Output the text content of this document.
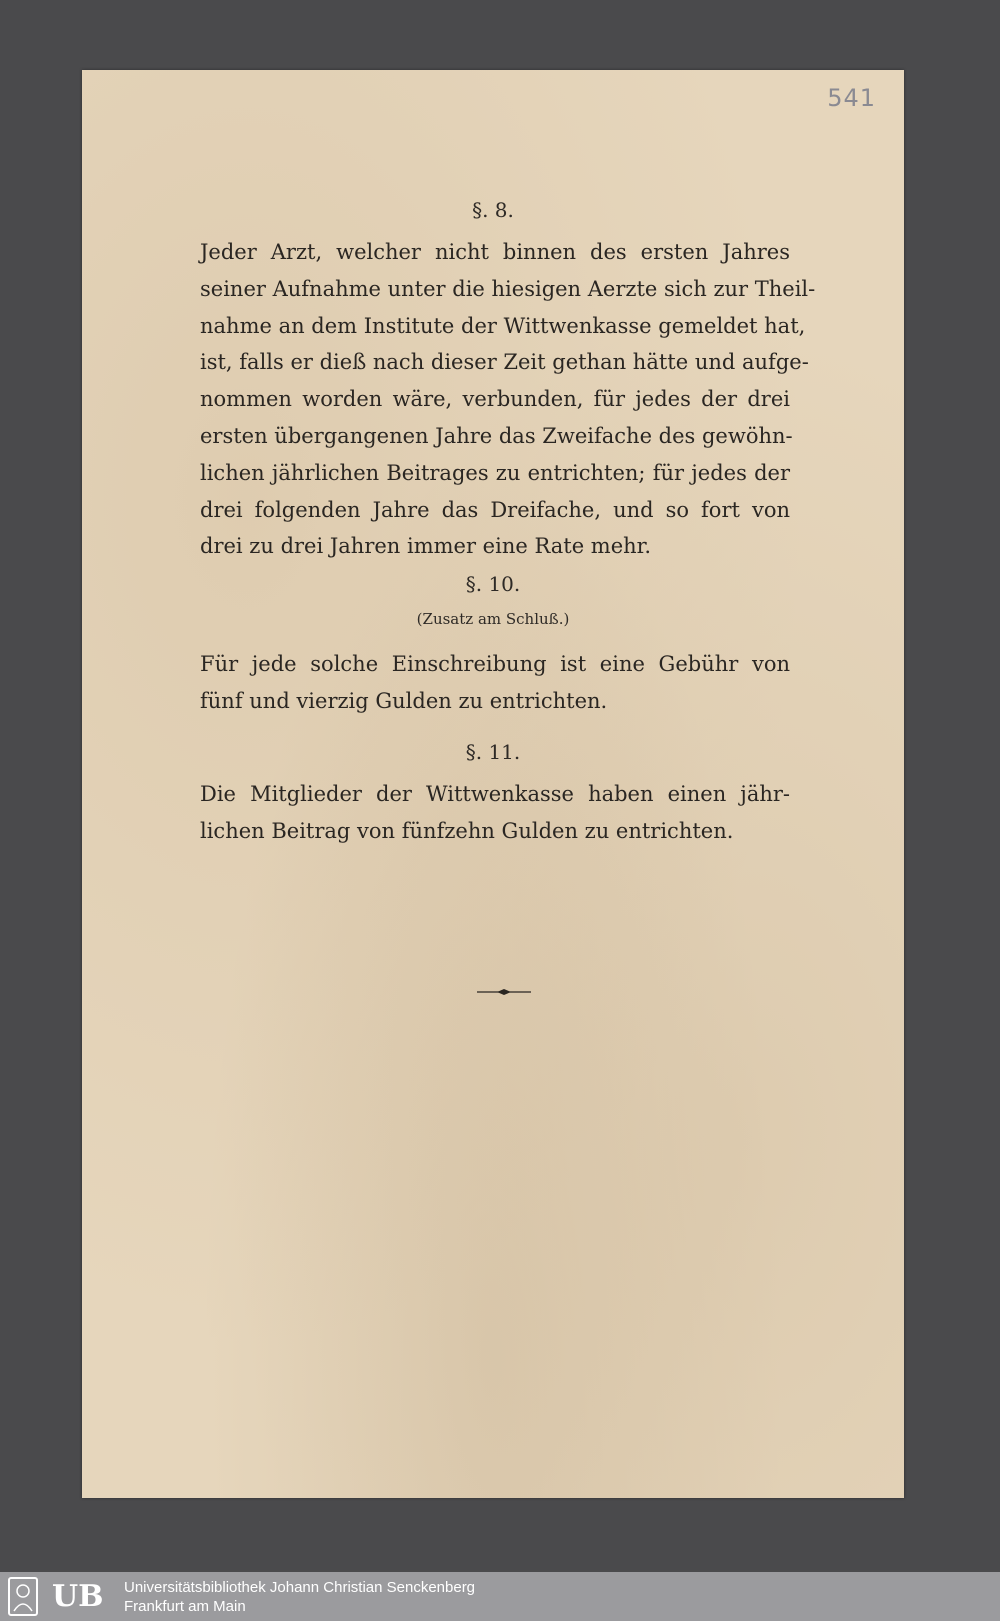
541
§. 8.
Jeder Arzt, welcher nicht binnen des ersten Jahres
seiner Aufnahme unter die hiesigen Aerzte sich zur Theil-
nahme an dem Institute der Wittwenkasse gemeldet hat,
ist, falls er dieß nach dieser Zeit gethan hätte und aufge-
nommen worden wäre, verbunden, für jedes der drei
ersten übergangenen Jahre das Zweifache des gewöhn-
lichen jährlichen Beitrages zu entrichten; für jedes der
drei folgenden Jahre das Dreifache, und so fort von
drei zu drei Jahren immer eine Rate mehr.
§. 10.
(Zusatz am Schluß.)
Für jede solche Einschreibung ist eine Gebühr von
fünf und vierzig Gulden zu entrichten.
§. 11.
Die Mitglieder der Wittwenkasse haben einen jähr-
lichen Beitrag von fünfzehn Gulden zu entrichten.
UB Universitätsbibliothek Johann Christian Senckenberg
Frankfurt am Main
